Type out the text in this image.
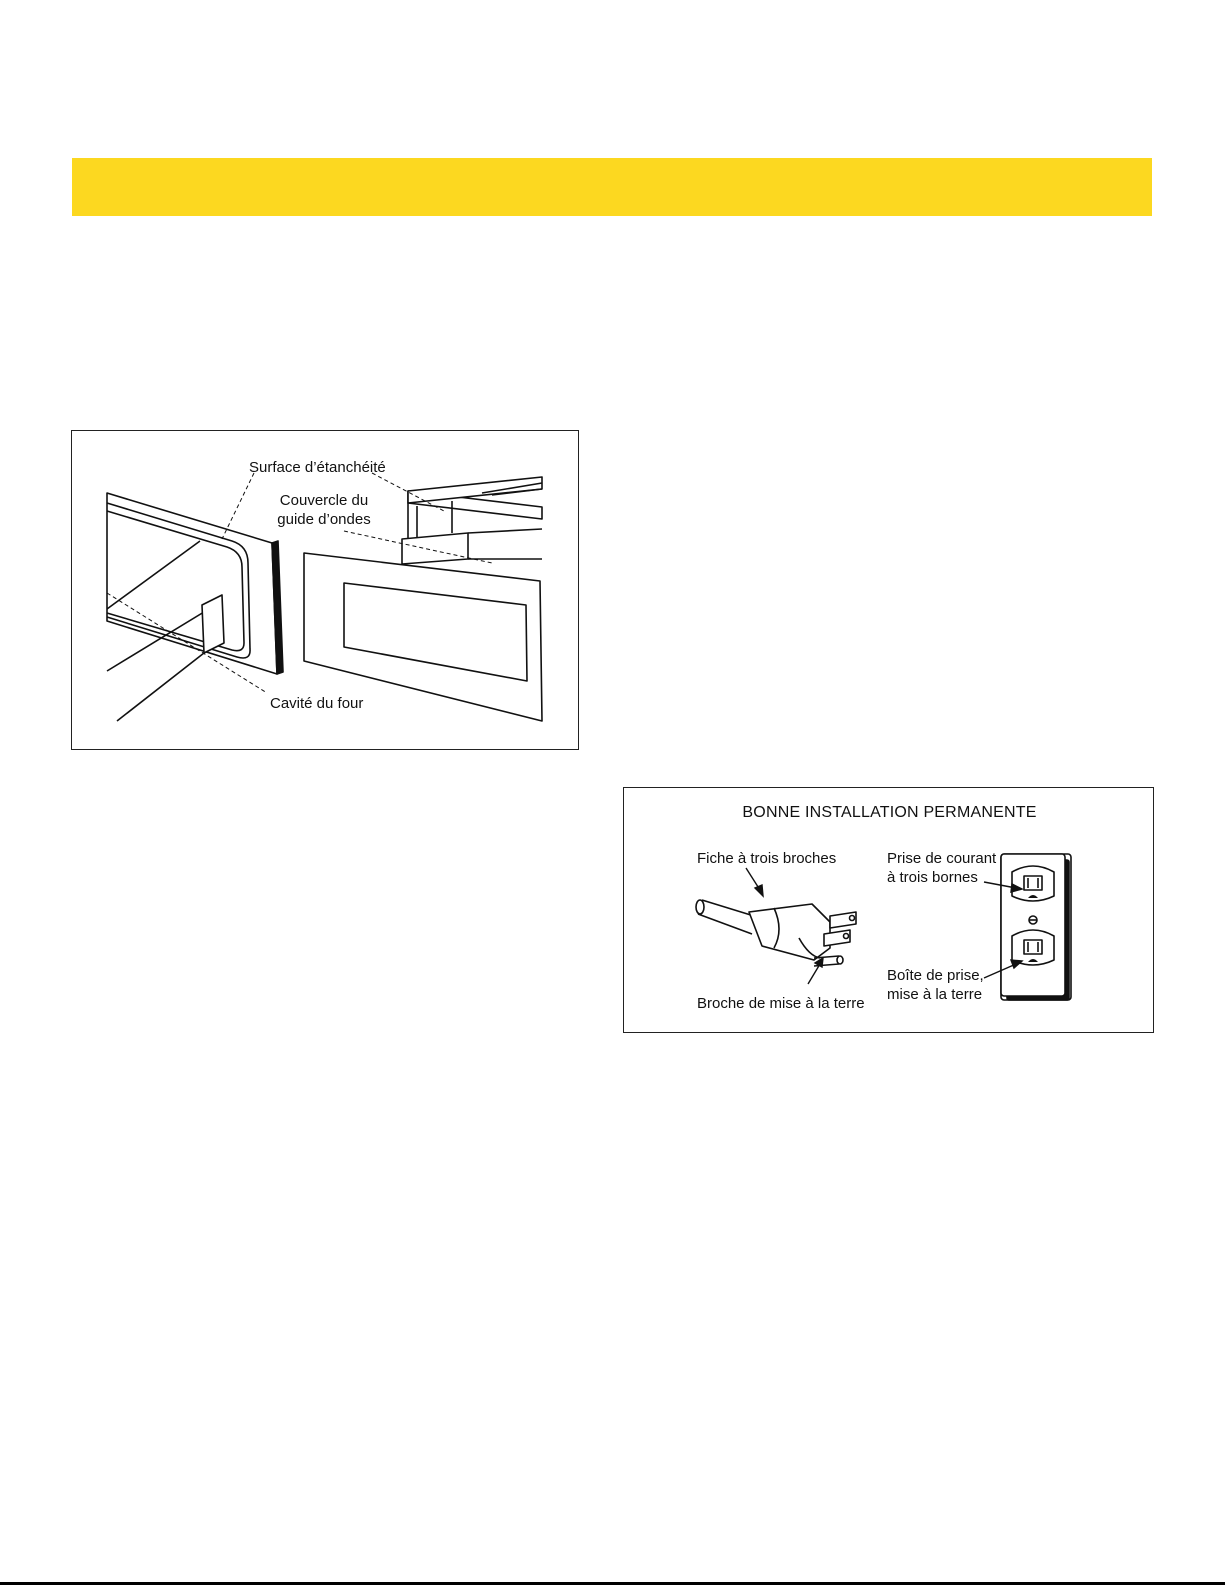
Surface d’étanchéité
Couvercle du
guide d’ondes
Cavité du four
BONNE INSTALLATION PERMANENTE
Fiche à trois broches	Prise de courant
à trois bornes
Boîte de prise,
mise à la terre
Broche de mise à la terre
